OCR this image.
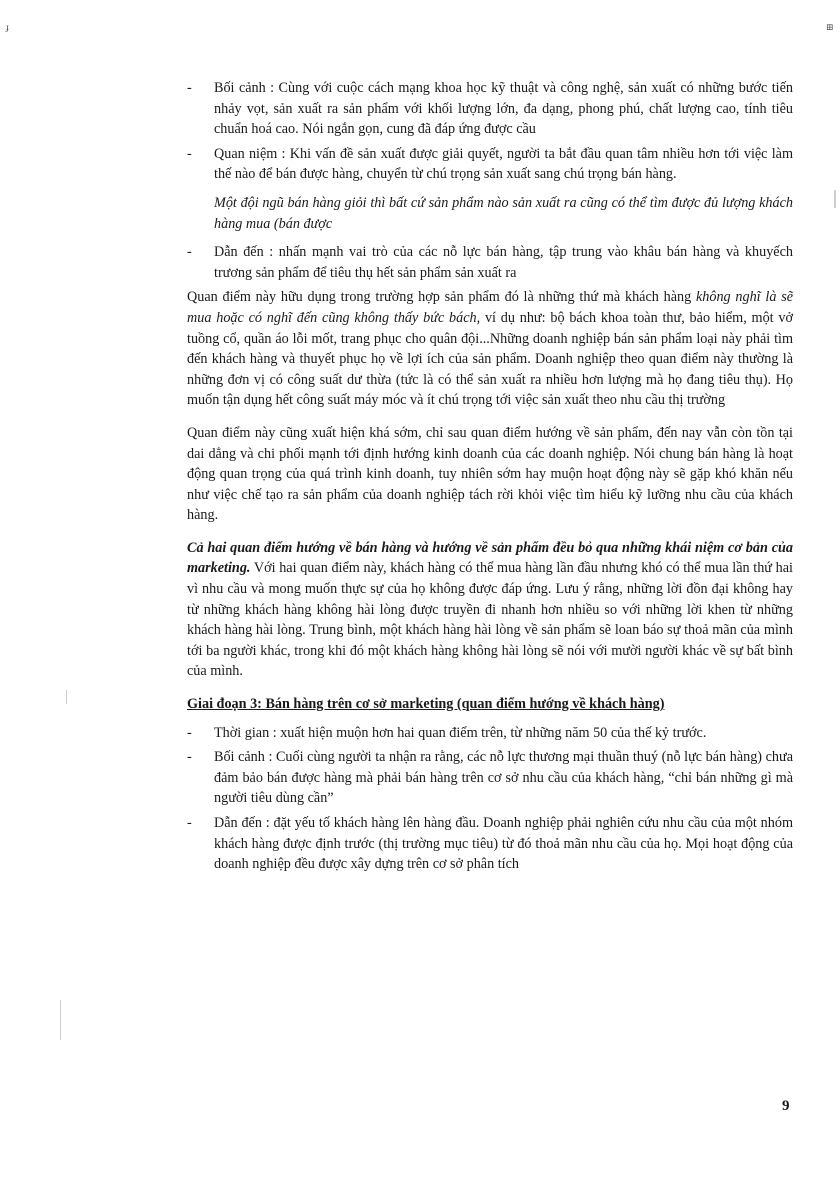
ɟ	⊞
- Bối cảnh : Cùng với cuộc cách mạng khoa học kỹ thuật và công nghệ, sản xuất có những bước tiến nhảy vọt, sản xuất ra sản phẩm với khối lượng lớn, đa dạng, phong phú, chất lượng cao, tính tiêu chuẩn hoá cao. Nói ngắn gọn, cung đã đáp ứng được cầu
- Quan niệm : Khi vấn đề sản xuất được giải quyết, người ta bắt đầu quan tâm nhiều hơn tới việc làm thế nào để bán được hàng, chuyển từ chú trọng sản xuất sang chú trọng bán hàng.
Một đội ngũ bán hàng giỏi thì bất cứ sản phẩm nào sản xuất ra cũng có thể tìm được đủ lượng khách hàng mua (bán được
- Dẫn đến : nhấn mạnh vai trò của các nỗ lực bán hàng, tập trung vào khâu bán hàng và khuyếch trương sản phẩm để tiêu thụ hết sản phẩm sản xuất ra
Quan điểm này hữu dụng trong trường hợp sản phẩm đó là những thứ mà khách hàng không nghĩ là sẽ mua hoặc có nghĩ đến cũng không thấy bức bách, ví dụ như: bộ bách khoa toàn thư, bảo hiểm, một vở tuồng cổ, quần áo lỗi mốt, trang phục cho quân đội...Những doanh nghiệp bán sản phẩm loại này phải tìm đến khách hàng và thuyết phục họ về lợi ích của sản phẩm. Doanh nghiệp theo quan điểm này thường là những đơn vị có công suất dư thừa (tức là có thể sản xuất ra nhiều hơn lượng mà họ đang tiêu thụ). Họ muốn tận dụng hết công suất máy móc và ít chú trọng tới việc sản xuất theo nhu cầu thị trường
Quan điểm này cũng xuất hiện khá sớm, chỉ sau quan điểm hướng về sản phẩm, đến nay vẫn còn tồn tại dai dẳng và chi phối mạnh tới định hướng kinh doanh của các doanh nghiệp. Nói chung bán hàng là hoạt động quan trọng của quá trình kinh doanh, tuy nhiên sớm hay muộn hoạt động này sẽ gặp khó khăn nếu như việc chế tạo ra sản phẩm của doanh nghiệp tách rời khỏi việc tìm hiểu kỹ lưỡng nhu cầu của khách hàng.
Cả hai quan điểm hướng về bán hàng và hướng về sản phẩm đều bỏ qua những khái niệm cơ bản của marketing. Với hai quan điểm này, khách hàng có thể mua hàng lần đầu nhưng khó có thể mua lần thứ hai vì nhu cầu và mong muốn thực sự của họ không được đáp ứng. Lưu ý rằng, những lời đồn đại không hay từ những khách hàng không hài lòng được truyền đi nhanh hơn nhiều so với những lời khen từ những khách hàng hài lòng. Trung bình, một khách hàng hài lòng về sản phẩm sẽ loan báo sự thoả mãn của mình tới ba người khác, trong khi đó một khách hàng không hài lòng sẽ nói với mười người khác về sự bất bình của mình.
Giai đoạn 3: Bán hàng trên cơ sở marketing (quan điểm hướng về khách hàng)
- Thời gian : xuất hiện muộn hơn hai quan điểm trên, từ những năm 50 của thế kỷ trước.
- Bối cảnh : Cuối cùng người ta nhận ra rằng, các nỗ lực thương mại thuần thuý (nỗ lực bán hàng) chưa đảm bảo bán được hàng mà phải bán hàng trên cơ sở nhu cầu của khách hàng, “chỉ bán những gì mà người tiêu dùng cần”
- Dẫn đến : đặt yếu tố khách hàng lên hàng đầu. Doanh nghiệp phải nghiên cứu nhu cầu của một nhóm khách hàng được định trước (thị trường mục tiêu) từ đó thoả mãn nhu cầu của họ. Mọi hoạt động của doanh nghiệp đều được xây dựng trên cơ sở phân tích
9
